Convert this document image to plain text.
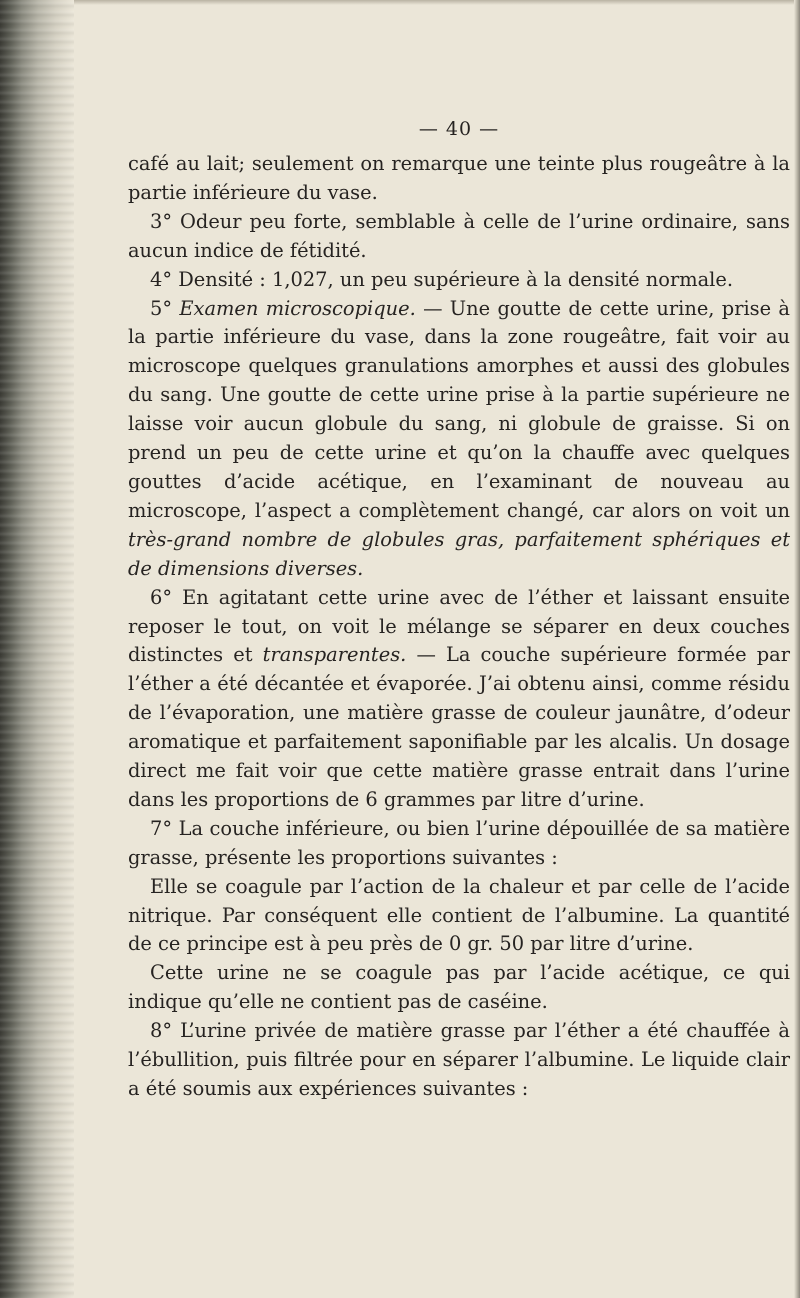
— 40 —

café au lait; seulement on remarque une teinte plus rougeâtre à la partie inférieure du vase.

3° Odeur peu forte, semblable à celle de l’urine ordinaire, sans aucun indice de fétidité.

4° Densité : 1,027, un peu supérieure à la densité normale.

5° Examen microscopique. — Une goutte de cette urine, prise à la partie inférieure du vase, dans la zone rougeâtre, fait voir au microscope quelques granulations amorphes et aussi des globules du sang. Une goutte de cette urine prise à la partie supérieure ne laisse voir aucun globule du sang, ni globule de graisse. Si on prend un peu de cette urine et qu’on la chauffe avec quelques gouttes d’acide acétique, en l’examinant de nouveau au microscope, l’aspect a complètement changé, car alors on voit un très-grand nombre de globules gras, parfaitement sphériques et de dimensions diverses.

6° En agitatant cette urine avec de l’éther et laissant ensuite reposer le tout, on voit le mélange se séparer en deux couches distinctes et transparentes. — La couche supérieure formée par l’éther a été décantée et évaporée. J’ai obtenu ainsi, comme résidu de l’évaporation, une matière grasse de couleur jaunâtre, d’odeur aromatique et parfaitement saponifiable par les alcalis. Un dosage direct me fait voir que cette matière grasse entrait dans l’urine dans les proportions de 6 grammes par litre d’urine.

7° La couche inférieure, ou bien l’urine dépouillée de sa matière grasse, présente les proportions suivantes :

Elle se coagule par l’action de la chaleur et par celle de l’acide nitrique. Par conséquent elle contient de l’albumine. La quantité de ce principe est à peu près de 0 gr. 50 par litre d’urine.

Cette urine ne se coagule pas par l’acide acétique, ce qui indique qu’elle ne contient pas de caséine.

8° L’urine privée de matière grasse par l’éther a été chauffée à l’ébullition, puis filtrée pour en séparer l’albumine. Le liquide clair a été soumis aux expériences suivantes :
